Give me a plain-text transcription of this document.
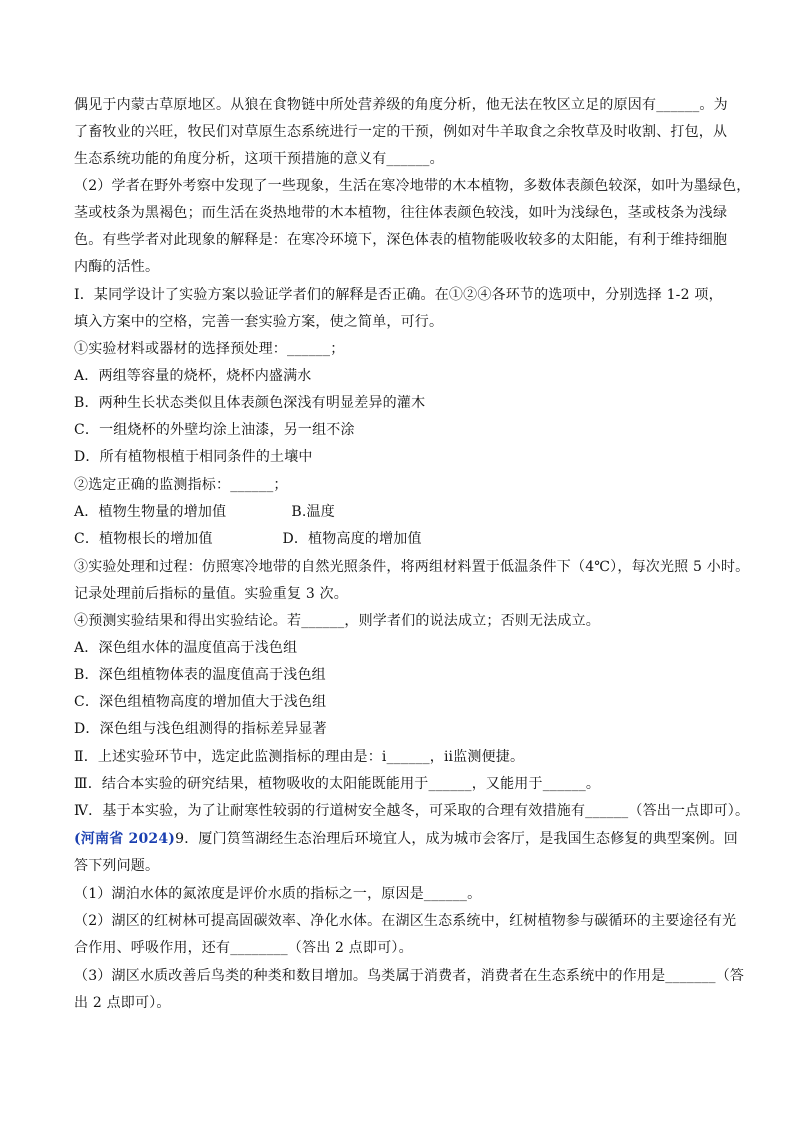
偶见于内蒙古草原地区。从狼在食物链中所处营养级的角度分析，他无法在牧区立足的原因有______。为
了畜牧业的兴旺，牧民们对草原生态系统进行一定的干预，例如对牛羊取食之余牧草及时收割、打包，从
生态系统功能的角度分析，这项干预措施的意义有______。
（2）学者在野外考察中发现了一些现象，生活在寒冷地带的木本植物，多数体表颜色较深，如叶为墨绿色，
茎或枝条为黑褐色；而生活在炎热地带的木本植物，往往体表颜色较浅，如叶为浅绿色，茎或枝条为浅绿
色。有些学者对此现象的解释是：在寒冷环境下，深色体表的植物能吸收较多的太阳能，有利于维持细胞
内酶的活性。
Ⅰ．某同学设计了实验方案以验证学者们的解释是否正确。在①②④各环节的选项中，分别选择 1-2 项，
填入方案中的空格，完善一套实验方案，使之简单，可行。
①实验材料或器材的选择预处理：______；
A．两组等容量的烧杯，烧杯内盛满水
B．两种生长状态类似且体表颜色深浅有明显差异的灌木
C．一组烧杯的外壁均涂上油漆，另一组不涂
D．所有植物根植于相同条件的土壤中
②选定正确的监测指标：______；
A．植物生物量的增加值              B.温度
C．植物根长的增加值               D．植物高度的增加值
③实验处理和过程：仿照寒冷地带的自然光照条件，将两组材料置于低温条件下（4℃），每次光照 5 小时。
记录处理前后指标的量值。实验重复 3 次。
④预测实验结果和得出实验结论。若______，则学者们的说法成立；否则无法成立。
A．深色组水体的温度值高于浅色组
B．深色组植物体表的温度值高于浅色组
C．深色组植物高度的增加值大于浅色组
D．深色组与浅色组测得的指标差异显著
Ⅱ．上述实验环节中，选定此监测指标的理由是：ⅰ______，ⅱ监测便捷。
Ⅲ．结合本实验的研究结果，植物吸收的太阳能既能用于______，又能用于______。
Ⅳ．基于本实验，为了让耐寒性较弱的行道树安全越冬，可采取的合理有效措施有______（答出一点即可）。
(河南省 2024)9．厦门筼筜湖经生态治理后环境宜人，成为城市会客厅，是我国生态修复的典型案例。回
答下列问题。
（1）湖泊水体的氮浓度是评价水质的指标之一，原因是______。
（2）湖区的红树林可提高固碳效率、净化水体。在湖区生态系统中，红树植物参与碳循环的主要途径有光
合作用、呼吸作用，还有________（答出 2 点即可）。
（3）湖区水质改善后鸟类的种类和数目增加。鸟类属于消费者，消费者在生态系统中的作用是_______（答
出 2 点即可）。
